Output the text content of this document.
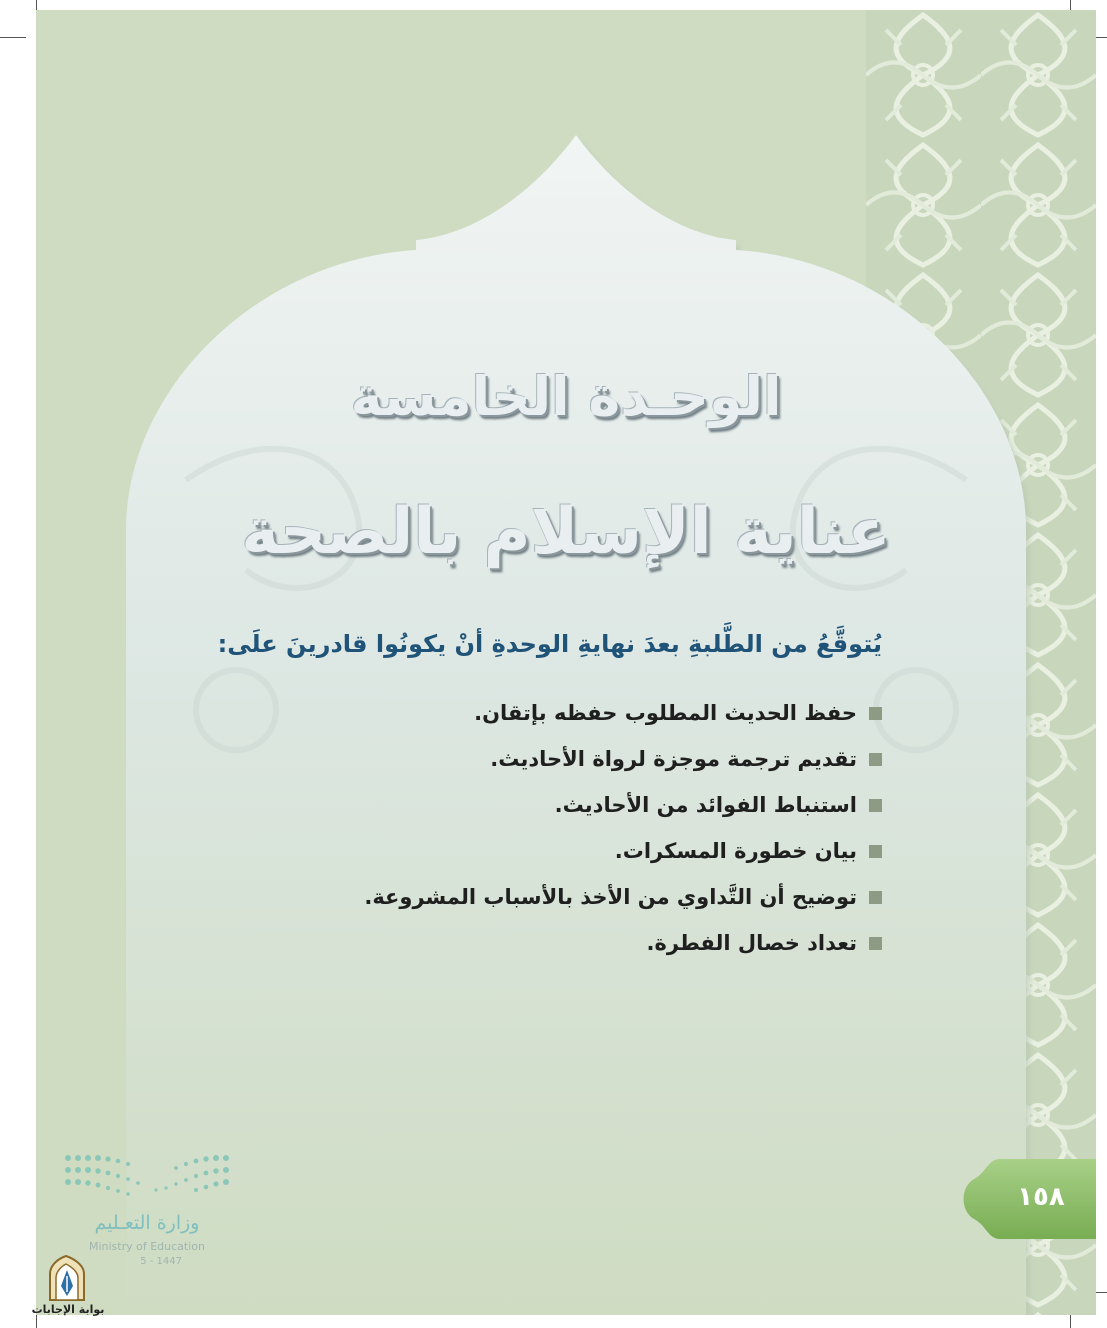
الوحـدة الخامسة
عناية الإسلام بالصحة

يُتوقَّعُ من الطَّلبةِ بعدَ نهايةِ الوحدةِ أنْ يكونُوا قادرينَ علَى:

حفظ الحديث المطلوب حفظه بإتقان.
تقديم ترجمة موجزة لرواة الأحاديث.
استنباط الفوائد من الأحاديث.
بيان خطورة المسكرات.
توضيح أن التَّداوي من الأخذ بالأسباب المشروعة.
تعداد خصال الفطرة.
١٥٨
وزارة التعـليم
Ministry of Education
5 - 1447
بوابة الإجابات
